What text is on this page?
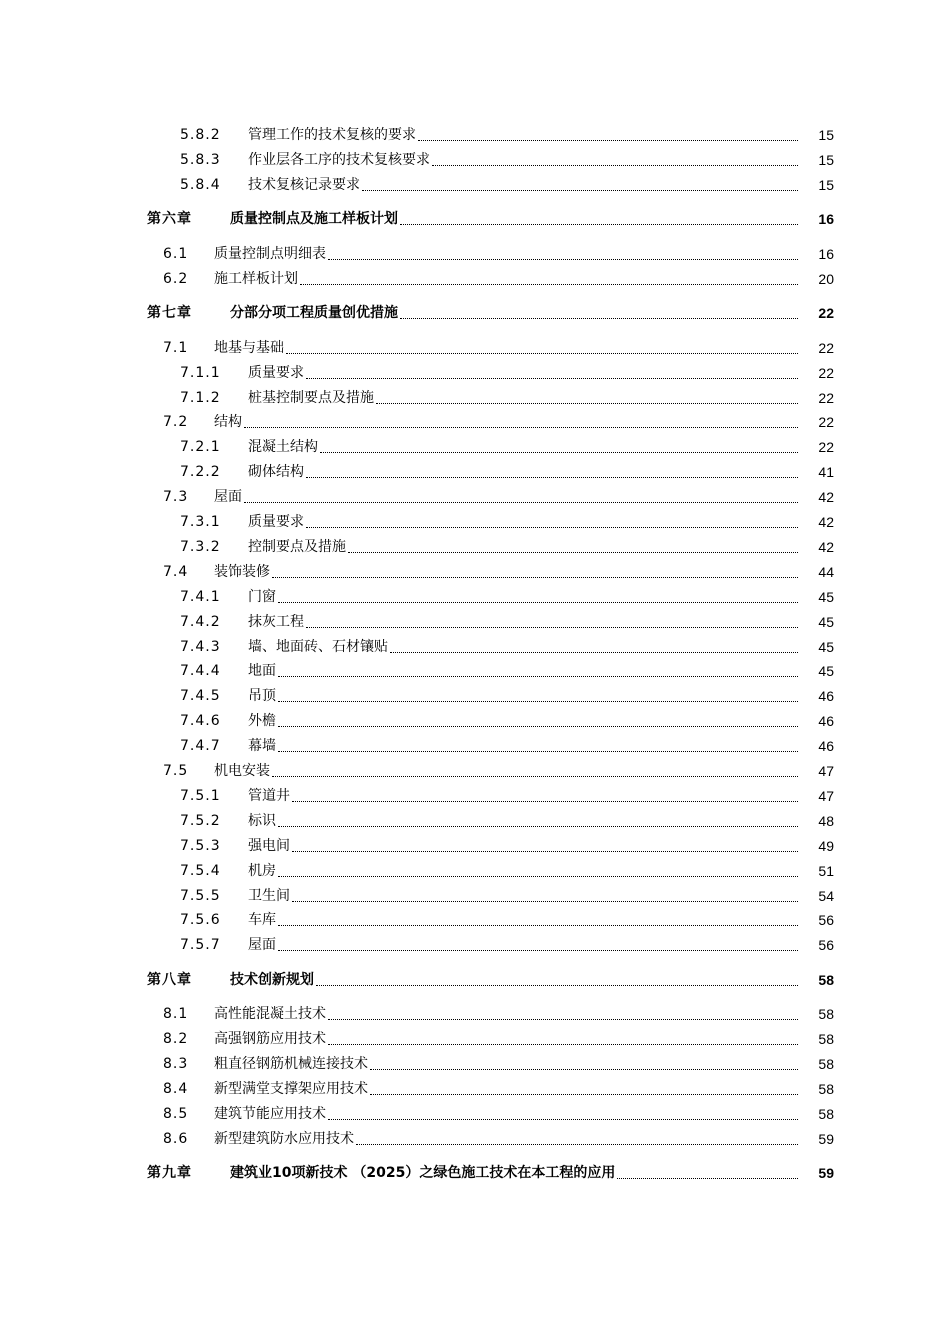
5.8.2 管理工作的技术复核的要求	15
5.8.3 作业层各工序的技术复核要求	15
5.8.4 技术复核记录要求	15
第六章	质量控制点及施工样板计划	16
6.1 质量控制点明细表	16
6.2 施工样板计划	20
第七章	分部分项工程质量创优措施	22
7.1 地基与基础	22
7.1.1 质量要求	22
7.1.2 桩基控制要点及措施	22
7.2 结构	22
7.2.1 混凝土结构	22
7.2.2 砌体结构	41
7.3 屋面	42
7.3.1 质量要求	42
7.3.2 控制要点及措施	42
7.4 装饰装修	44
7.4.1 门窗	45
7.4.2 抹灰工程	45
7.4.3 墙、地面砖、石材镶贴	45
7.4.4 地面	45
7.4.5 吊顶	46
7.4.6 外檐	46
7.4.7 幕墙	46
7.5 机电安装	47
7.5.1 管道井	47
7.5.2 标识	48
7.5.3 强电间	49
7.5.4 机房	51
7.5.5 卫生间	54
7.5.6 车库	56
7.5.7 屋面	56
第八章	技术创新规划	58
8.1 高性能混凝土技术	58
8.2 高强钢筋应用技术	58
8.3 粗直径钢筋机械连接技术	58
8.4 新型满堂支撑架应用技术	58
8.5 建筑节能应用技术	58
8.6 新型建筑防水应用技术	59
第九章	建筑业10项新技术 （2025）之绿色施工技术在本工程的应用	59
